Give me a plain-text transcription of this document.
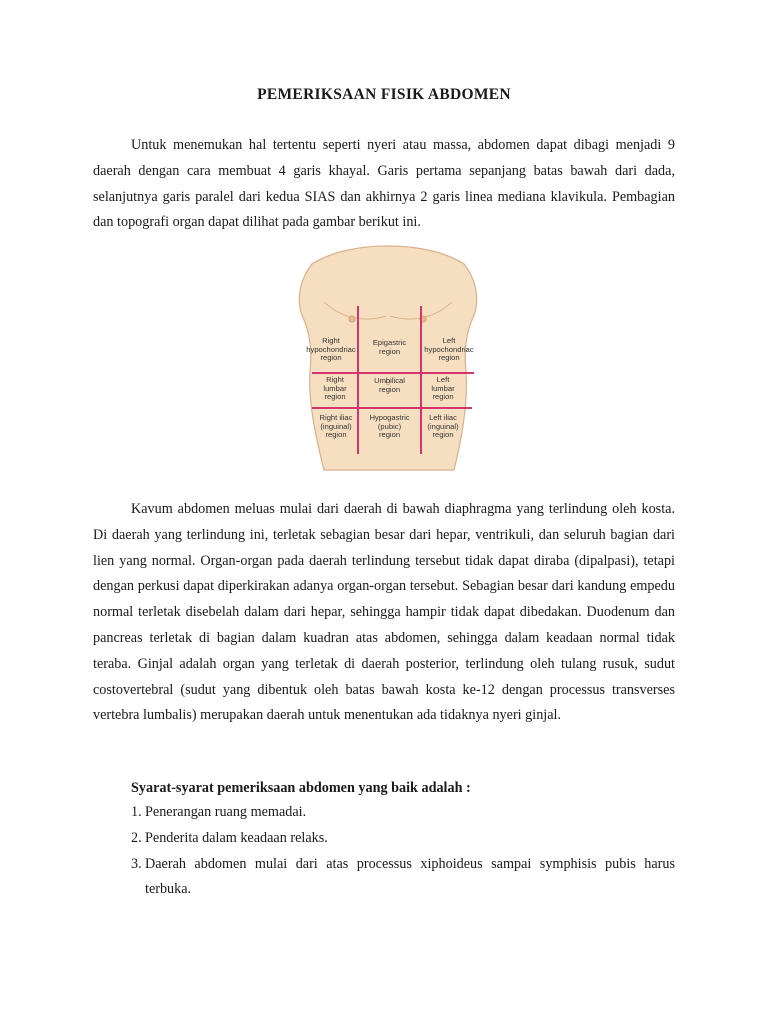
PEMERIKSAAN FISIK ABDOMEN

Untuk menemukan hal tertentu seperti nyeri atau massa, abdomen dapat dibagi menjadi 9 daerah dengan cara membuat 4 garis khayal. Garis pertama sepanjang batas bawah dari dada, selanjutnya garis paralel dari kedua SIAS dan akhirnya 2 garis linea mediana klavikula. Pembagian dan topografi organ dapat dilihat pada gambar berikut ini.

Right
hypochondriac
region
Epigastric
region
Left
hypochondriac
region
Right
lumbar
region
Umbilical
region
Left
lumbar
region
Right iliac
(inguinal)
region
Hypogastric
(pubic)
region
Left iliac
(inguinal)
region

Kavum abdomen meluas mulai dari daerah di bawah diaphragma yang terlindung oleh kosta. Di daerah yang terlindung ini, terletak sebagian besar dari hepar, ventrikuli, dan seluruh bagian dari lien yang normal. Organ-organ pada daerah terlindung tersebut tidak dapat diraba (dipalpasi), tetapi dengan perkusi dapat diperkirakan adanya organ-organ tersebut. Sebagian besar dari kandung empedu normal terletak disebelah dalam dari hepar, sehingga hampir tidak dapat dibedakan. Duodenum dan pancreas terletak di bagian dalam kuadran atas abdomen, sehingga dalam keadaan normal tidak teraba. Ginjal adalah organ yang terletak di daerah posterior, terlindung oleh tulang rusuk, sudut costovertebral (sudut yang dibentuk oleh batas bawah kosta ke-12 dengan processus transverses vertebra lumbalis) merupakan daerah untuk menentukan ada tidaknya nyeri ginjal.

Syarat-syarat pemeriksaan abdomen yang baik adalah :
1. Penerangan ruang memadai.
2. Penderita dalam keadaan relaks.
3. Daerah abdomen mulai dari atas processus xiphoideus sampai symphisis pubis harus terbuka.
